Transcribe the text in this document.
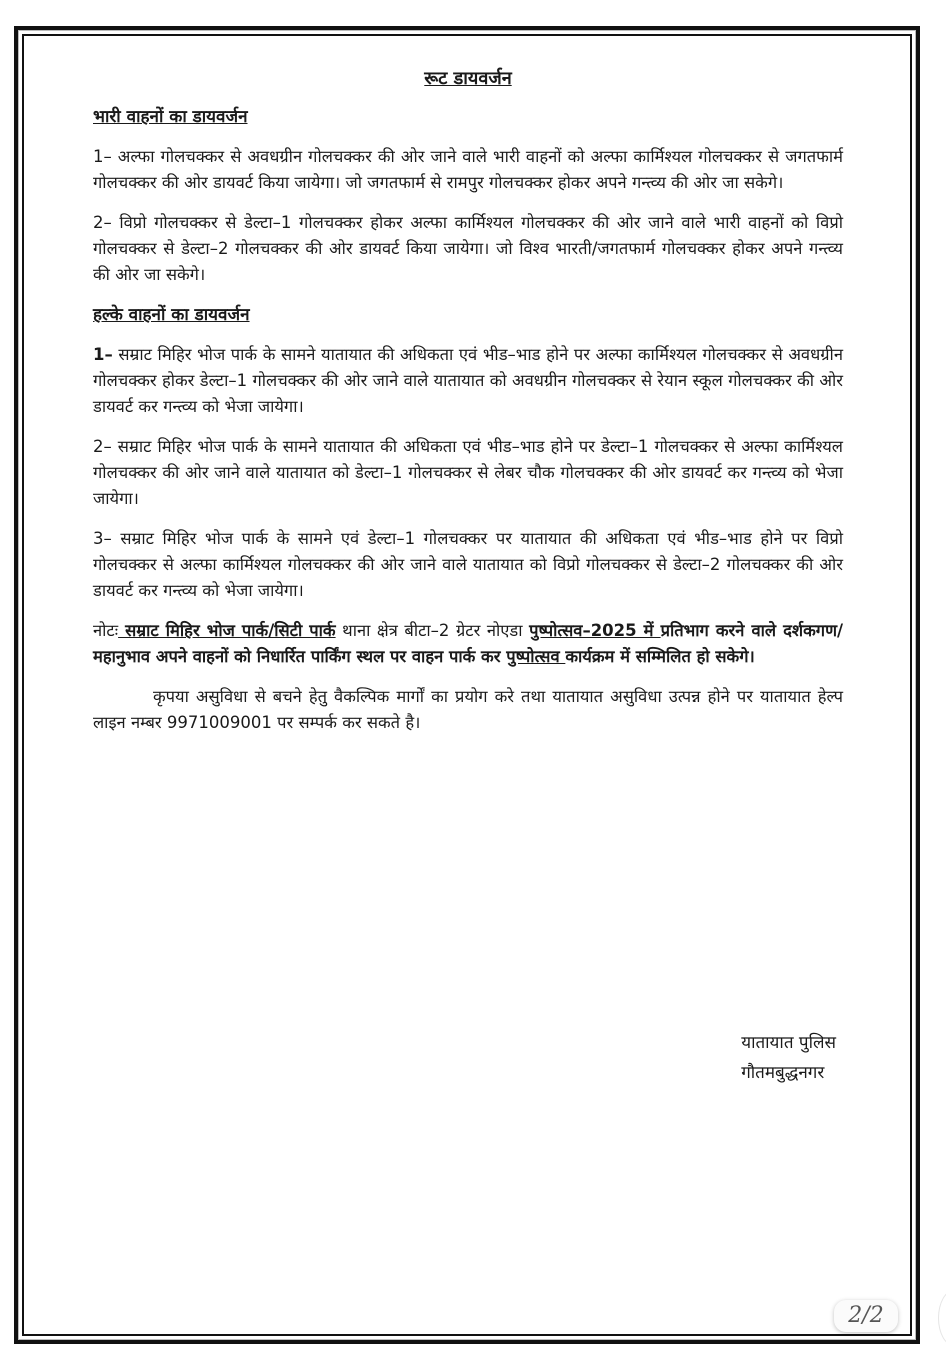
रूट डायवर्जन
भारी वाहनों का डायवर्जन

1– अल्फा गोलचक्कर से अवधग्रीन गोलचक्कर की ओर जाने वाले भारी वाहनों को अल्फा कार्मिश्यल गोलचक्कर से जगतफार्म गोलचक्कर की ओर डायवर्ट किया जायेगा। जो जगतफार्म से रामपुर गोलचक्कर होकर अपने गन्त्व्य की ओर जा सकेगे।

2– विप्रो गोलचक्कर से डेल्टा–1 गोलचक्कर होकर अल्फा कार्मिश्यल गोलचक्कर की ओर जाने वाले भारी वाहनों को विप्रो गोलचक्कर से डेल्टा–2 गोलचक्कर की ओर डायवर्ट किया जायेगा। जो विश्व भारती/जगतफार्म गोलचक्कर होकर अपने गन्त्व्य की ओर जा सकेगे।

हल्के वाहनों का डायवर्जन

1– सम्राट मिहिर भोज पार्क के सामने यातायात की अधिकता एवं भीड–भाड होने पर अल्फा कार्मिश्यल गोलचक्कर से अवधग्रीन गोलचक्कर होकर डेल्टा–1 गोलचक्कर की ओर जाने वाले यातायात को अवधग्रीन गोलचक्कर से रेयान स्कूल गोलचक्कर की ओर डायवर्ट कर गन्त्व्य को भेजा जायेगा।

2– सम्राट मिहिर भोज पार्क के सामने यातायात की अधिकता एवं भीड–भाड होने पर डेल्टा–1 गोलचक्कर से अल्फा कार्मिश्यल गोलचक्कर की ओर जाने वाले यातायात को डेल्टा–1 गोलचक्कर से लेबर चौक गोलचक्कर की ओर डायवर्ट कर गन्त्व्य को भेजा जायेगा।

3– सम्राट मिहिर भोज पार्क के सामने एवं डेल्टा–1 गोलचक्कर पर यातायात की अधिकता एवं भीड–भाड होने पर विप्रो गोलचक्कर से अल्फा कार्मिश्यल गोलचक्कर की ओर जाने वाले यातायात को विप्रो गोलचक्कर से डेल्टा–2 गोलचक्कर की ओर डायवर्ट कर गन्त्व्य को भेजा जायेगा।

नोटः सम्राट मिहिर भोज पार्क/सिटी पार्क थाना क्षेत्र बीटा–2 ग्रेटर नोएडा पुष्पोत्सव–2025 में प्रतिभाग करने वाले दर्शकगण/महानुभाव अपने वाहनों को निधार्रित पार्किंग स्थल पर वाहन पार्क कर पुष्पोत्सव कार्यक्रम में सम्मिलित हो सकेगे।

कृपया असुविधा से बचने हेतु वैकल्पिक मार्गों का प्रयोग करे तथा यातायात असुविधा उत्पन्न होने पर यातायात हेल्प लाइन नम्बर 9971009001 पर सम्पर्क कर सकते है।

यातायात पुलिस
गौतमबुद्धनगर
2/2
